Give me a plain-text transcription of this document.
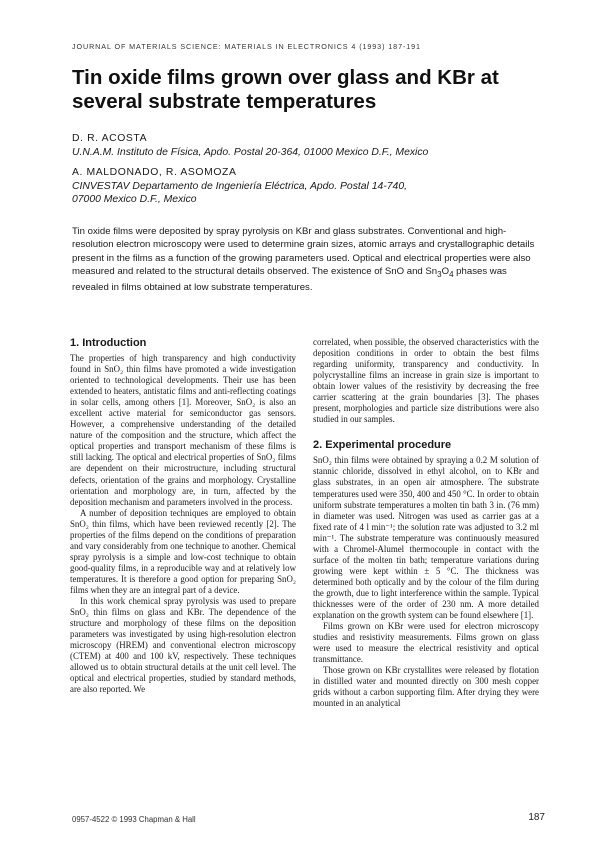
JOURNAL OF MATERIALS SCIENCE: MATERIALS IN ELECTRONICS 4 (1993) 187-191
Tin oxide films grown over glass and KBr at several substrate temperatures
D. R. ACOSTA
U.N.A.M. Instituto de Física, Apdo. Postal 20-364, 01000 Mexico D.F., Mexico
A. MALDONADO, R. ASOMOZA
CINVESTAV Departamento de Ingeniería Eléctrica, Apdo. Postal 14-740,
07000 Mexico D.F., Mexico

Tin oxide films were deposited by spray pyrolysis on KBr and glass substrates. Conventional and high-resolution electron microscopy were used to determine grain sizes, atomic arrays and crystallographic details present in the films as a function of the growing parameters used. Optical and electrical properties were also measured and related to the structural details observed. The existence of SnO and $Sn_3O_4$ phases was revealed in films obtained at low substrate temperatures.

1. Introduction

The properties of high transparency and high conductivity found in SnO₂ thin films have promoted a wide investigation oriented to technological developments. Their use has been extended to heaters, antistatic films and anti-reflecting coatings in solar cells, among others [1]. Moreover, SnO₂ is also an excellent active material for semiconductor gas sensors. However, a comprehensive understanding of the detailed nature of the composition and the structure, which affect the optical properties and transport mechanism of these films is still lacking. The optical and electrical properties of SnO₂ films are dependent on their microstructure, including structural defects, orientation of the grains and morphology. Crystalline orientation and morphology are, in turn, affected by the deposition mechanism and parameters involved in the process.

A number of deposition techniques are employed to obtain SnO₂ thin films, which have been reviewed recently [2]. The properties of the films depend on the conditions of preparation and vary considerably from one technique to another. Chemical spray pyrolysis is a simple and low-cost technique to obtain good-quality films, in a reproducible way and at relatively low temperatures. It is therefore a good option for preparing SnO₂ films when they are an integral part of a device.

In this work chemical spray pyrolysis was used to prepare SnO₂ thin films on glass and KBr. The dependence of the structure and morphology of these films on the deposition parameters was investigated by using high-resolution electron microscopy (HREM) and conventional electron microscopy (CTEM) at 400 and 100 kV, respectively. These techniques allowed us to obtain structural details at the unit cell level. The optical and electrical properties, studied by standard methods, are also reported. We

correlated, when possible, the observed characteristics with the deposition conditions in order to obtain the best films regarding uniformity, transparency and conductivity. In polycrystalline films an increase in grain size is important to obtain lower values of the resistivity by decreasing the free carrier scattering at the grain boundaries [3]. The phases present, morphologies and particle size distributions were also studied in our samples.

2. Experimental procedure

SnO₂ thin films were obtained by spraying a 0.2 M solution of stannic chloride, dissolved in ethyl alcohol, on to KBr and glass substrates, in an open air atmosphere. The substrate temperatures used were 350, 400 and 450 °C. In order to obtain uniform substrate temperatures a molten tin bath 3 in. (76 mm) in diameter was used. Nitrogen was used as carrier gas at a fixed rate of 4 l min⁻¹; the solution rate was adjusted to 3.2 ml min⁻¹. The substrate temperature was continuously measured with a Chromel-Alumel thermocouple in contact with the surface of the molten tin bath; temperature variations during growing were kept within ± 5 °C. The thickness was determined both optically and by the colour of the film during the growth, due to light interference within the sample. Typical thicknesses were of the order of 230 nm. A more detailed explanation on the growth system can be found elsewhere [1].

Films grown on KBr were used for electron microscopy studies and resistivity measurements. Films grown on glass were used to measure the electrical resistivity and optical transmittance.

Those grown on KBr crystallites were released by flotation in distilled water and mounted directly on 300 mesh copper grids without a carbon supporting film. After drying they were mounted in an analytical

0957-4522 © 1993 Chapman & Hall	187
